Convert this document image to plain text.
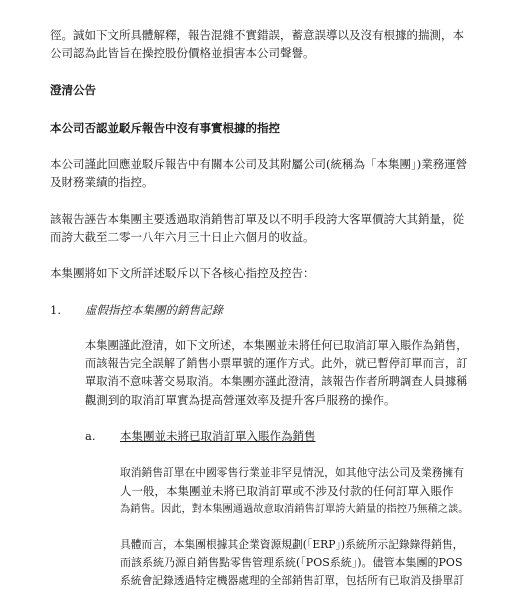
徑。誠如下文所具體解釋，報告混雜不實錯誤，蓄意誤導以及沒有根據的揣測，本
公司認為此皆旨在操控股份價格並損害本公司聲譽。
澄清公告
本公司否認並駁斥報告中沒有事實根據的指控
本公司謹此回應並駁斥報告中有關本公司及其附屬公司(統稱為「本集團」)業務運營
及財務業績的指控。
該報告誣告本集團主要透過取消銷售訂單及以不明手段誇大客單價誇大其銷量，從
而誇大截至二零一八年六月三十日止六個月的收益。
本集團將如下文所詳述駁斥以下各核心指控及控告：
1. 虛假指控本集團的銷售記錄
本集團謹此澄清，如下文所述，本集團並未將任何已取消訂單入賬作為銷售，
而該報告完全誤解了銷售小票單號的運作方式。此外，就已暫停訂單而言，訂
單取消不意味著交易取消。本集團亦謹此澄清，該報告作者所聘調查人員據稱
觀測到的取消訂單實為提高營運效率及提升客戶服務的操作。
a. 本集團並未將已取消訂單入賬作為銷售
取消銷售訂單在中國零售行業並非罕見情況，如其他守法公司及業務擁有
人一般，本集團並未將已取消訂單或不涉及付款的任何訂單入賬作
為銷售。因此，對本集團通過故意取消銷售訂單誇大銷量的指控乃無稽之談。
具體而言，本集團根據其企業資源規劃(「ERP」)系統所示記錄錄得銷售，
而該系統乃源自銷售點零售管理系統(「POS系統」)。儘管本集團的POS
系統會記錄透過特定機器處理的全部銷售訂單，包括所有已取消及掛單訂
